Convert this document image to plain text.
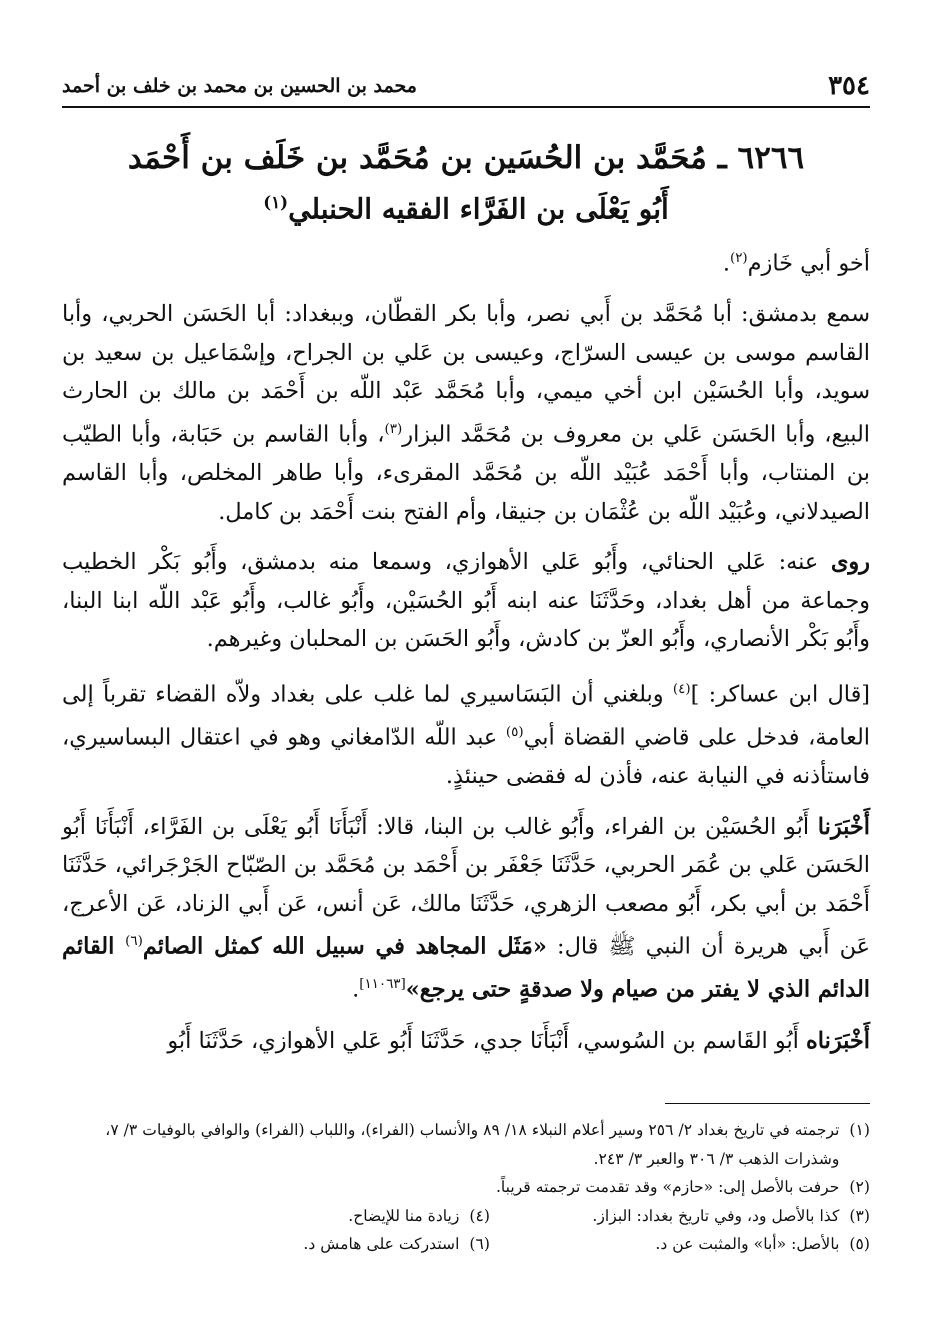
٣٥٤
محمد بن الحسين بن محمد بن خلف بن أحمد
٦٢٦٦ ـ مُحَمَّد بن الحُسَين بن مُحَمَّد بن خَلَف بن أَحْمَد
أَبُو يَعْلَى بن الفَرَّاء الفقيه الحنبلي$^{(١)}$

أخو أبي خَازم$^{(٢)}$.

سمع بدمشق: أبا مُحَمَّد بن أَبي نصر، وأبا بكر القطّان، وببغداد: أبا الحَسَن الحربي، وأبا القاسم موسى بن عيسى السرّاج، وعيسى بن عَلي بن الجراح، وإسْمَاعيل بن سعيد بن سويد، وأبا الحُسَيْن ابن أخي ميمي، وأبا مُحَمَّد عَبْد اللّه بن أَحْمَد بن مالك بن الحارث البيع، وأبا الحَسَن عَلي بن معروف بن مُحَمَّد البزار$^{(٣)}$، وأبا القاسم بن حَبَابة، وأبا الطيّب بن المنتاب، وأبا أَحْمَد عُبَيْد اللّه بن مُحَمَّد المقرىء، وأبا طاهر المخلص، وأبا القاسم الصيدلاني، وعُبَيْد اللّه بن عُثْمَان بن جنيقا، وأم الفتح بنت أَحْمَد بن كامل.

روى عنه: عَلي الحنائي، وأَبُو عَلي الأهوازي، وسمعا منه بدمشق، وأَبُو بَكْر الخطيب وجماعة من أهل بغداد، وحَدَّثَنَا عنه ابنه أَبُو الحُسَيْن، وأَبُو غالب، وأَبُو عَبْد اللّه ابنا البنا، وأَبُو بَكْر الأنصاري، وأَبُو العزّ بن كادش، وأَبُو الحَسَن بن المحلبان وغيرهم.

[قال ابن عساكر: ]$^{(٤)}$ وبلغني أن البَسَاسيري لما غلب على بغداد ولاّه القضاء تقرباً إلى العامة، فدخل على قاضي القضاة أبي$^{(٥)}$ عبد اللّه الدّامغاني وهو في اعتقال البساسيري، فاستأذنه في النيابة عنه، فأذن له فقضى حينئذٍ.

أَخْبَرَنا أَبُو الحُسَيْن بن الفراء، وأَبُو غالب بن البنا، قالا: أَنْبَأَنَا أَبُو يَعْلَى بن الفَرَّاء، أَنْبَأَنَا أَبُو الحَسَن عَلي بن عُمَر الحربي، حَدَّثَنَا جَعْفَر بن أَحْمَد بن مُحَمَّد بن الصّبّاح الجَرْجَرائي، حَدَّثَنَا أَحْمَد بن أبي بكر، أَبُو مصعب الزهري، حَدَّثَنَا مالك، عَن أنس، عَن أَبي الزناد، عَن الأعرج، عَن أَبي هريرة أن النبي ﷺ قال: «مَثَل المجاهد في سبيل الله كمثل الصائم$^{(٦)}$ القائم الدائم الذي لا يفتر من صيام ولا صدقةٍ حتى يرجع»[١١٠٦٣].

أَخْبَرَناه أَبُو القَاسم بن السُوسي، أَنْبَأَنَا جدي، حَدَّثَنَا أَبُو عَلي الأهوازي، حَدَّثَنَا أَبُو

(١)
ترجمته في تاريخ بغداد ٢/ ٢٥٦ وسير أعلام النبلاء ١٨/ ٨٩ والأنساب (الفراء)، واللباب (الفراء) والوافي بالوفيات ٣/ ٧، وشذرات الذهب ٣/ ٣٠٦ والعبر ٣/ ٢٤٣.
(٢)
حرفت بالأصل إلى: «حازم» وقد تقدمت ترجمته قريباً.
(٣)
كذا بالأصل ود، وفي تاريخ بغداد: البزاز.
(٤)
زيادة منا للإيضاح.
(٥)
بالأصل: «أبا» والمثبت عن د.
(٦)
استدركت على هامش د.
